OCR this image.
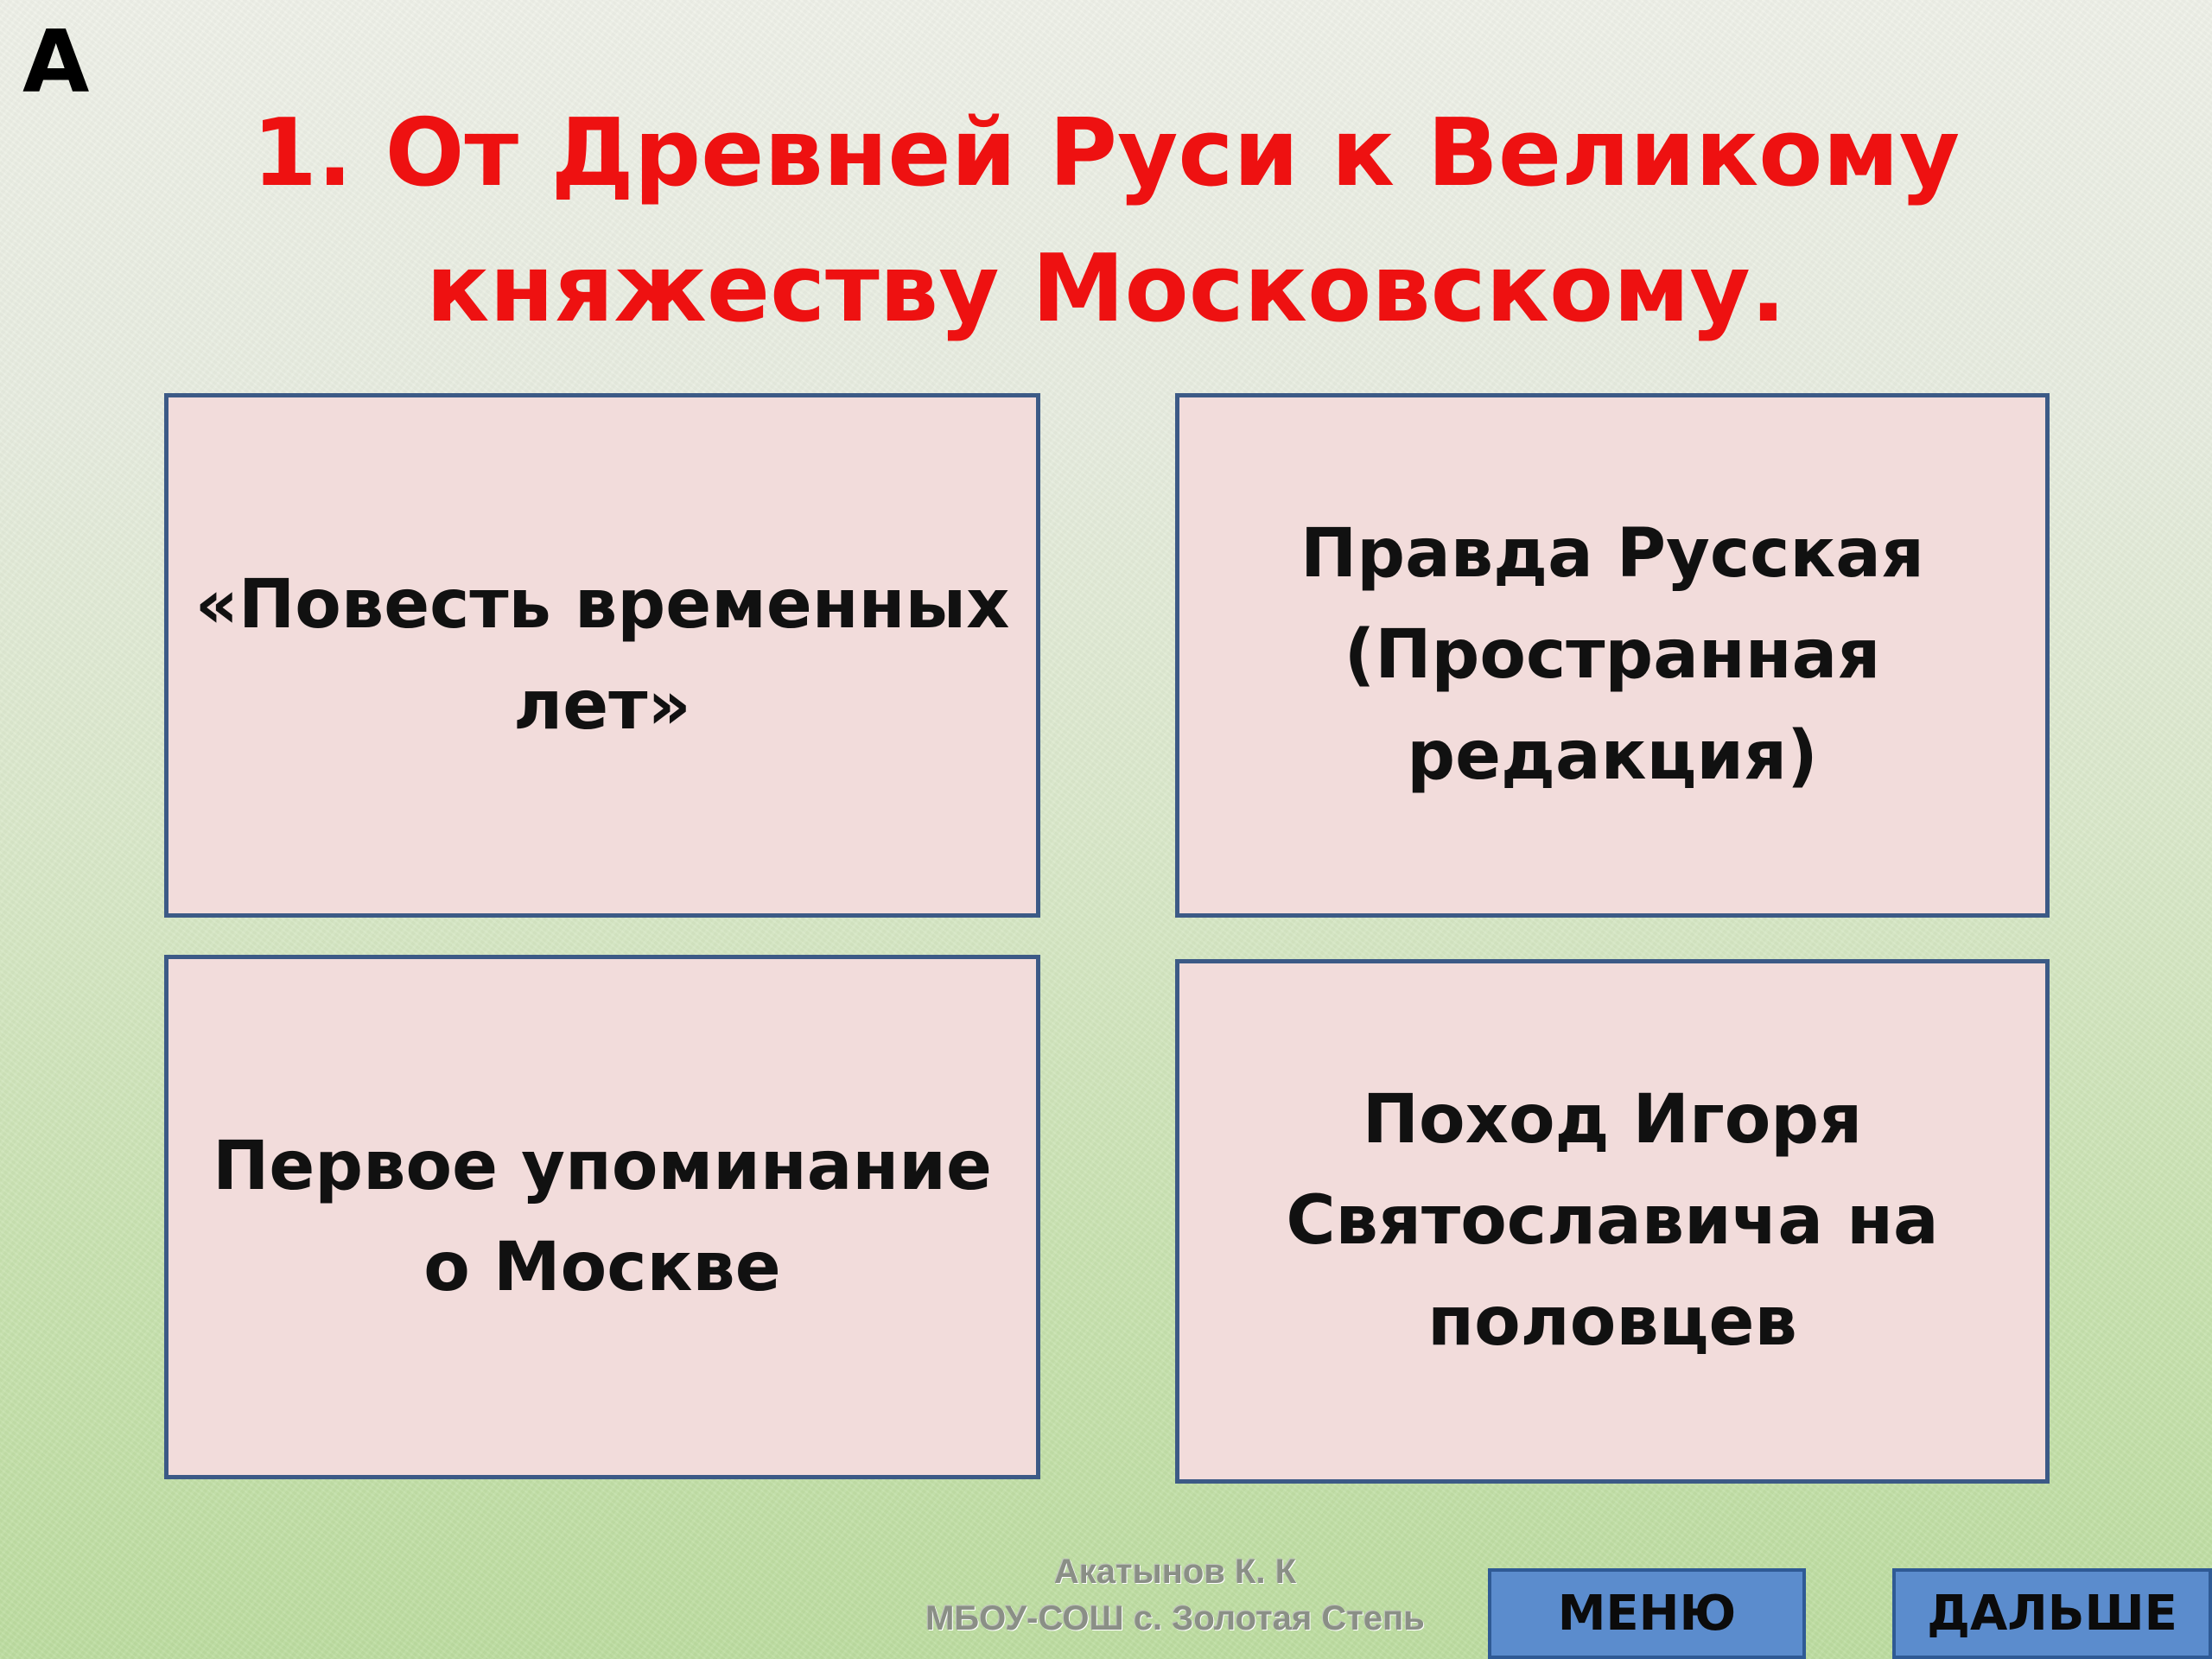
А
1. От Древней Руси к Великому
княжеству Московскому.
«Повесть временных
лет»
Правда Русская
(Пространная
редакция)
Первое упоминание
о Москве
Поход Игоря
Святославича на
половцев
Акатынов К. К
МБОУ-СОШ с. Золотая Степь	МЕНЮ	ДАЛЬШЕ
